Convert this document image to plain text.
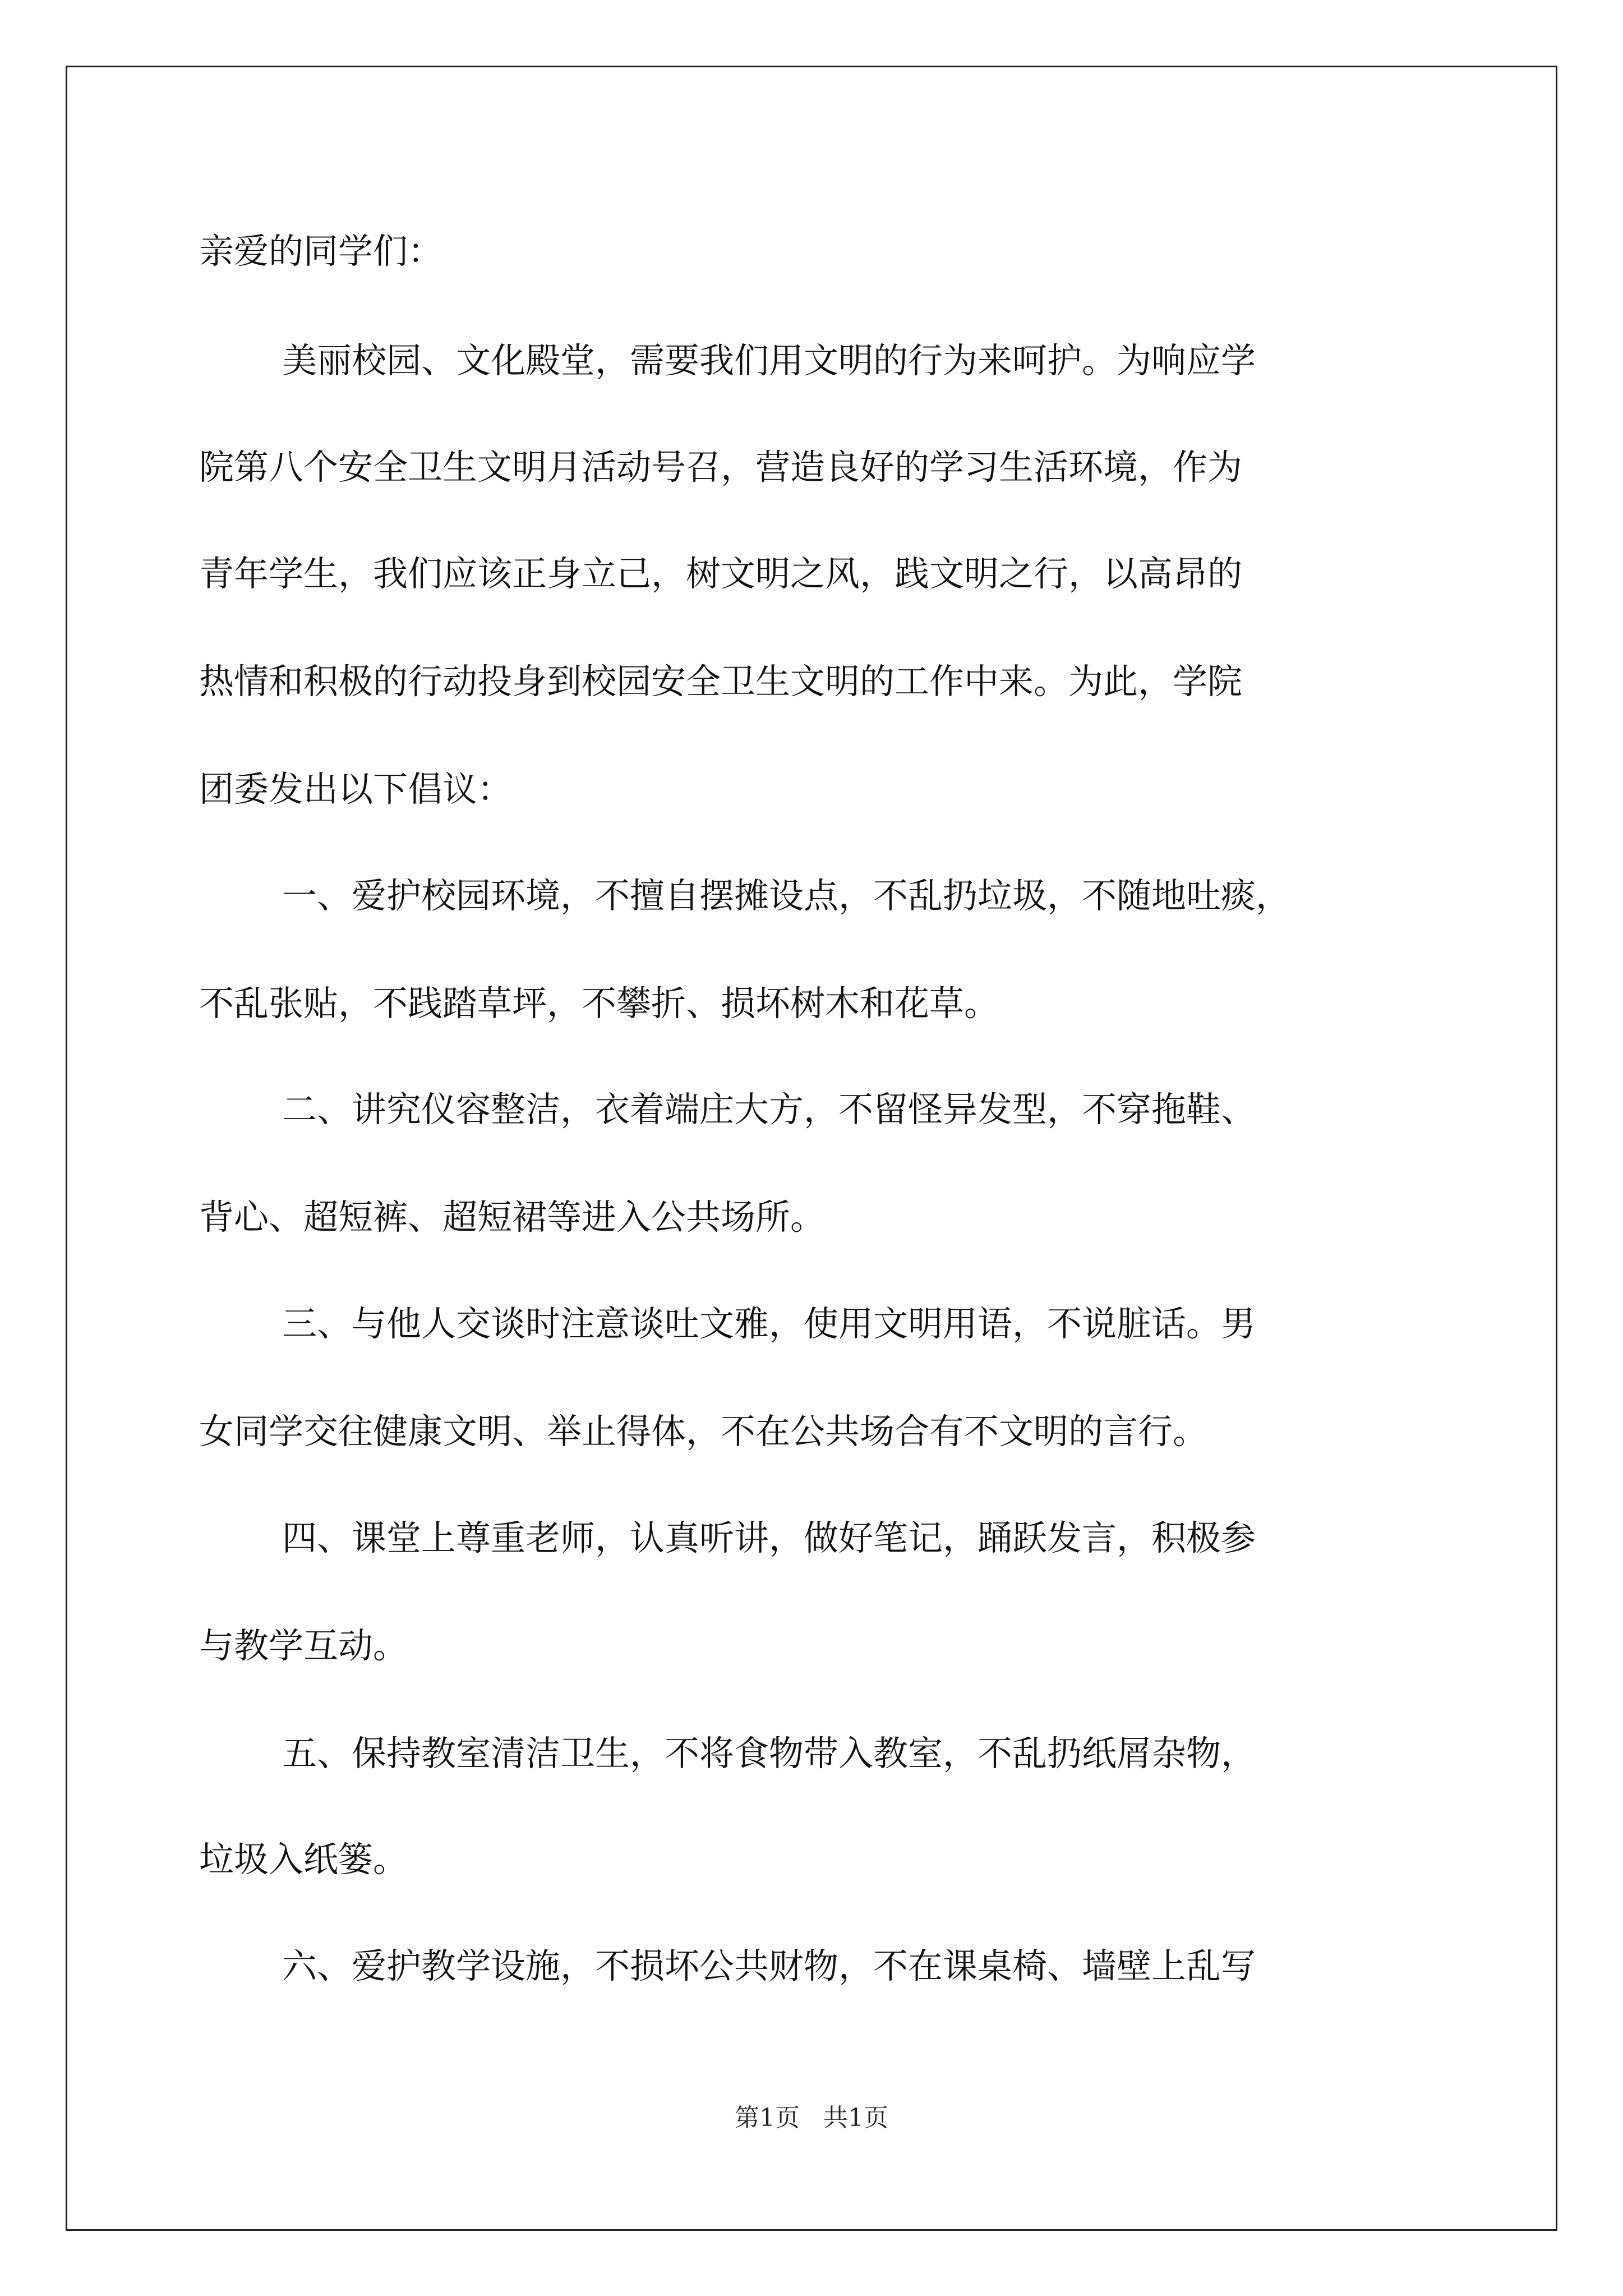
亲爱的同学们：

美丽校园、文化殿堂，需要我们用文明的行为来呵护。为响应学

院第八个安全卫生文明月活动号召，营造良好的学习生活环境，作为

青年学生，我们应该正身立己，树文明之风，践文明之行，以高昂的

热情和积极的行动投身到校园安全卫生文明的工作中来。为此，学院

团委发出以下倡议：

一、爱护校园环境，不擅自摆摊设点，不乱扔垃圾，不随地吐痰，

不乱张贴，不践踏草坪，不攀折、损坏树木和花草。

二、讲究仪容整洁，衣着端庄大方，不留怪异发型，不穿拖鞋、

背心、超短裤、超短裙等进入公共场所。

三、与他人交谈时注意谈吐文雅，使用文明用语，不说脏话。男

女同学交往健康文明、举止得体，不在公共场合有不文明的言行。

四、课堂上尊重老师，认真听讲，做好笔记，踊跃发言，积极参

与教学互动。

五、保持教室清洁卫生，不将食物带入教室，不乱扔纸屑杂物，

垃圾入纸篓。

六、爱护教学设施，不损坏公共财物，不在课桌椅、墙壁上乱写

第1页 共1页
